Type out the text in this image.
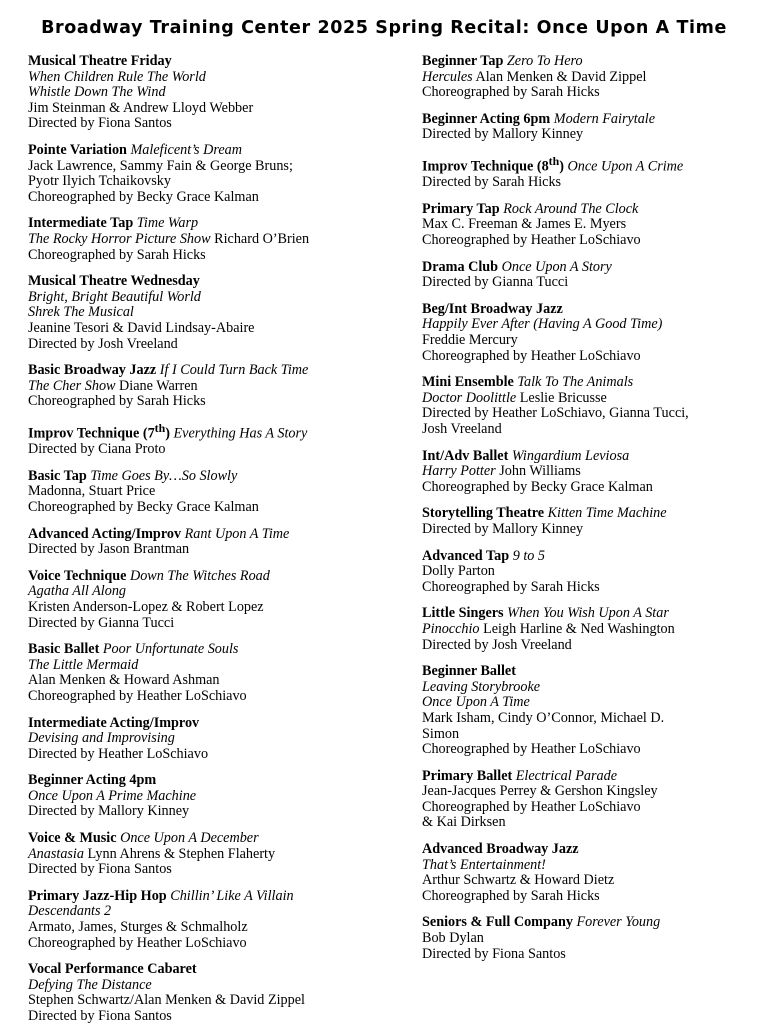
Broadway Training Center 2025 Spring Recital: Once Upon A Time
Musical Theatre Friday
When Children Rule The World
Whistle Down The Wind
Jim Steinman & Andrew Lloyd Webber
Directed by Fiona Santos
Pointe Variation Maleficent’s Dream
Jack Lawrence, Sammy Fain & George Bruns;
Pyotr Ilyich Tchaikovsky
Choreographed by Becky Grace Kalman
Intermediate Tap Time Warp
The Rocky Horror Picture Show Richard O’Brien
Choreographed by Sarah Hicks
Musical Theatre Wednesday
Bright, Bright Beautiful World
Shrek The Musical
Jeanine Tesori & David Lindsay-Abaire
Directed by Josh Vreeland
Basic Broadway Jazz If I Could Turn Back Time
The Cher Show Diane Warren
Choreographed by Sarah Hicks
Improv Technique (7th) Everything Has A Story
Directed by Ciana Proto
Basic Tap Time Goes By…So Slowly
Madonna, Stuart Price
Choreographed by Becky Grace Kalman
Advanced Acting/Improv Rant Upon A Time
Directed by Jason Brantman
Voice Technique Down The Witches Road
Agatha All Along
Kristen Anderson-Lopez & Robert Lopez
Directed by Gianna Tucci
Basic Ballet Poor Unfortunate Souls
The Little Mermaid
Alan Menken & Howard Ashman
Choreographed by Heather LoSchiavo
Intermediate Acting/Improv
Devising and Improvising
Directed by Heather LoSchiavo
Beginner Acting 4pm
Once Upon A Prime Machine
Directed by Mallory Kinney
Voice & Music Once Upon A December
Anastasia Lynn Ahrens & Stephen Flaherty
Directed by Fiona Santos
Primary Jazz-Hip Hop Chillin’ Like A Villain
Descendants 2
Armato, James, Sturges & Schmalholz
Choreographed by Heather LoSchiavo
Vocal Performance Cabaret
Defying The Distance
Stephen Schwartz/Alan Menken & David Zippel
Directed by Fiona Santos
Beginner Tap Zero To Hero
Hercules Alan Menken & David Zippel
Choreographed by Sarah Hicks
Beginner Acting 6pm Modern Fairytale
Directed by Mallory Kinney
Improv Technique (8th) Once Upon A Crime
Directed by Sarah Hicks
Primary Tap Rock Around The Clock
Max C. Freeman & James E. Myers
Choreographed by Heather LoSchiavo
Drama Club Once Upon A Story
Directed by Gianna Tucci
Beg/Int Broadway Jazz
Happily Ever After (Having A Good Time)
Freddie Mercury
Choreographed by Heather LoSchiavo
Mini Ensemble Talk To The Animals
Doctor Doolittle Leslie Bricusse
Directed by Heather LoSchiavo, Gianna Tucci,
Josh Vreeland
Int/Adv Ballet Wingardium Leviosa
Harry Potter John Williams
Choreographed by Becky Grace Kalman
Storytelling Theatre Kitten Time Machine
Directed by Mallory Kinney
Advanced Tap 9 to 5
Dolly Parton
Choreographed by Sarah Hicks
Little Singers When You Wish Upon A Star
Pinocchio Leigh Harline & Ned Washington
Directed by Josh Vreeland
Beginner Ballet
Leaving Storybrooke
Once Upon A Time
Mark Isham, Cindy O’Connor, Michael D.
Simon
Choreographed by Heather LoSchiavo
Primary Ballet Electrical Parade
Jean-Jacques Perrey & Gershon Kingsley
Choreographed by Heather LoSchiavo
& Kai Dirksen
Advanced Broadway Jazz
That’s Entertainment!
Arthur Schwartz & Howard Dietz
Choreographed by Sarah Hicks
Seniors & Full Company Forever Young
Bob Dylan
Directed by Fiona Santos
